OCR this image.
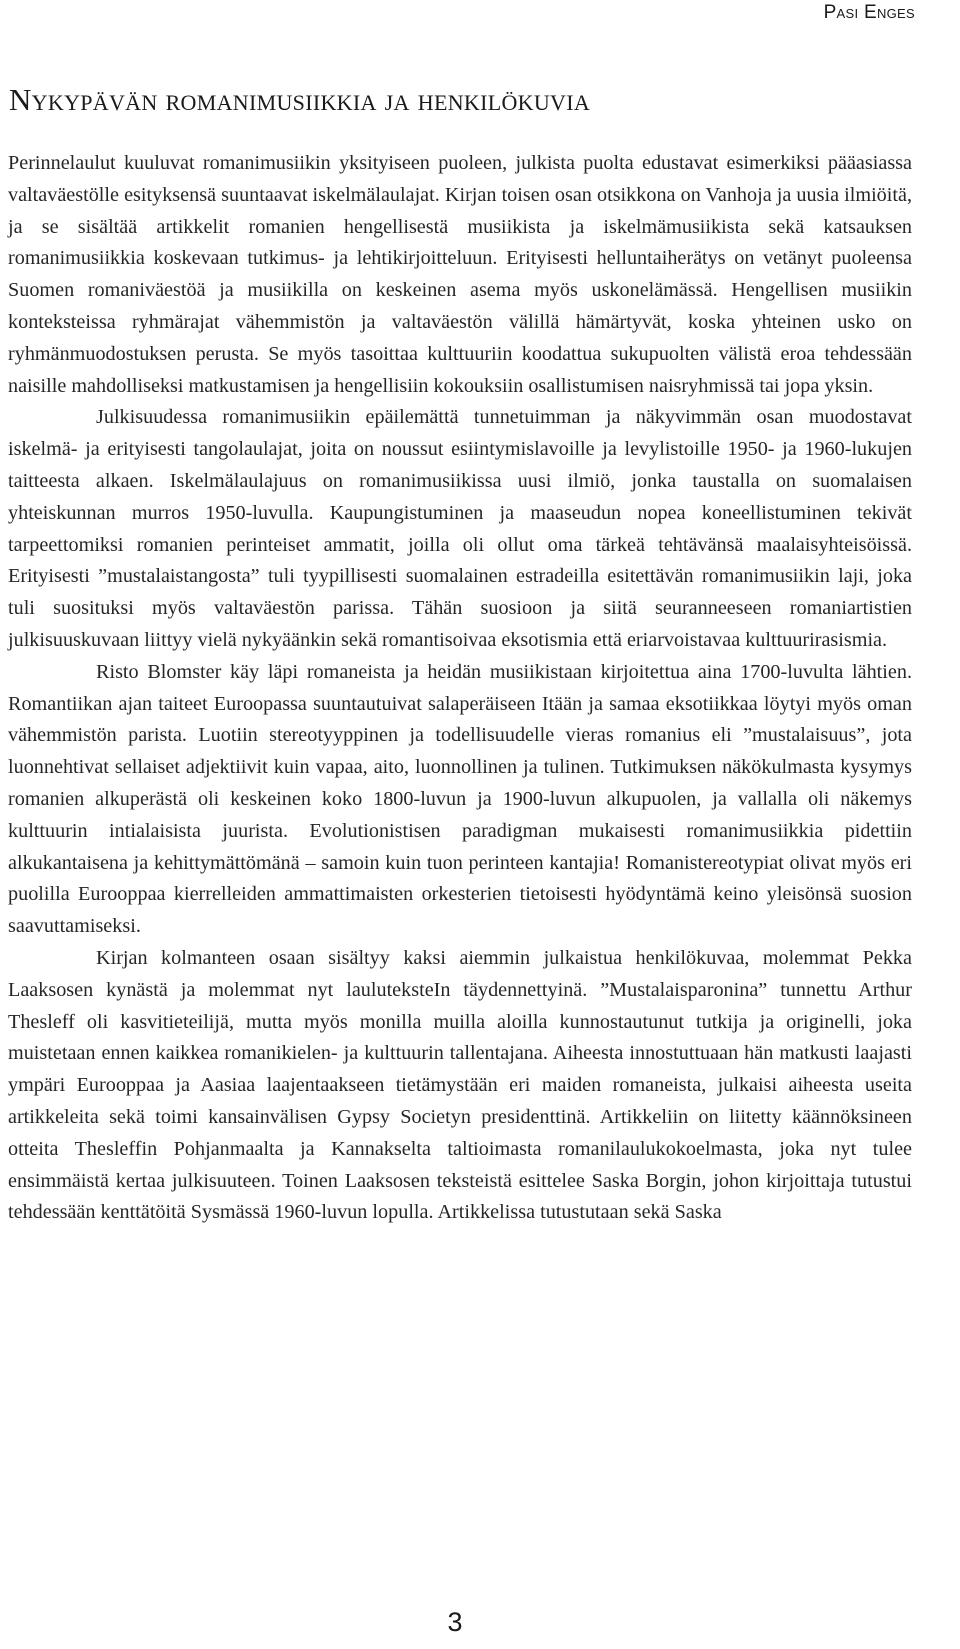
Pasi Enges
Nykypävän romanimusiikkia ja henkilökuvia

Perinnelaulut kuuluvat romanimusiikin yksityiseen puoleen, julkista puolta edustavat esimerkiksi pääasiassa valtaväestölle esityksensä suuntaavat iskelmälaulajat. Kirjan toisen osan otsikkona on Vanhoja ja uusia ilmiöitä, ja se sisältää artikkelit romanien hengellisestä musiikista ja iskelmämusiikista sekä katsauksen romanimusiikkia koskevaan tutkimus- ja lehtikirjoitteluun. Erityisesti helluntaiherätys on vetänyt puoleensa Suomen romaniväestöä ja musiikilla on keskeinen asema myös uskonelämässä. Hengellisen musiikin konteksteissa ryhmärajat vähemmistön ja valtaväestön välillä hämärtyvät, koska yhteinen usko on ryhmänmuodostuksen perusta. Se myös tasoittaa kulttuuriin koodattua sukupuolten välistä eroa tehdessään naisille mahdolliseksi matkustamisen ja hengellisiin kokouksiin osallistumisen naisryhmissä tai jopa yksin.

Julkisuudessa romanimusiikin epäilemättä tunnetuimman ja näkyvimmän osan muodostavat iskelmä- ja erityisesti tangolaulajat, joita on noussut esiintymislavoille ja levylistoille 1950- ja 1960-lukujen taitteesta alkaen. Iskelmälaulajuus on romanimusiikissa uusi ilmiö, jonka taustalla on suomalaisen yhteiskunnan murros 1950-luvulla. Kaupungistuminen ja maaseudun nopea koneellistuminen tekivät tarpeettomiksi romanien perinteiset ammatit, joilla oli ollut oma tärkeä tehtävänsä maalaisyhteisöissä. Erityisesti ”mustalaistangosta” tuli tyypillisesti suomalainen estradeilla esitettävän romanimusiikin laji, joka tuli suosituksi myös valtaväestön parissa. Tähän suosioon ja siitä seuranneeseen romaniartistien julkisuuskuvaan liittyy vielä nykyäänkin sekä romantisoivaa eksotismia että eriarvoistavaa kulttuurirasismia.

Risto Blomster käy läpi romaneista ja heidän musiikistaan kirjoitettua aina 1700-luvulta lähtien. Romantiikan ajan taiteet Euroopassa suuntautuivat salaperäiseen Itään ja samaa eksotiikkaa löytyi myös oman vähemmistön parista. Luotiin stereotyyppinen ja todellisuudelle vieras romanius eli ”mustalaisuus”, jota luonnehtivat sellaiset adjektiivit kuin vapaa, aito, luonnollinen ja tulinen. Tutkimuksen näkökulmasta kysymys romanien alkuperästä oli keskeinen koko 1800-luvun ja 1900-luvun alkupuolen, ja vallalla oli näkemys kulttuurin intialaisista juurista. Evolutionistisen paradigman mukaisesti romanimusiikkia pidettiin alkukantaisena ja kehittymättömänä – samoin kuin tuon perinteen kantajia! Romanistereotypiat olivat myös eri puolilla Eurooppaa kierrelleiden ammattimaisten orkesterien tietoisesti hyödyntämä keino yleisönsä suosion saavuttamiseksi.

Kirjan kolmanteen osaan sisältyy kaksi aiemmin julkaistua henkilökuvaa, molemmat Pekka Laaksosen kynästä ja molemmat nyt lauluteksteIn täydennettyinä. ”Mustalaisparonina” tunnettu Arthur Thesleff oli kasvitieteilijä, mutta myös monilla muilla aloilla kunnostautunut tutkija ja originelli, joka muistetaan ennen kaikkea romanikielen- ja kulttuurin tallentajana. Aiheesta innostuttuaan hän matkusti laajasti ympäri Eurooppaa ja Aasiaa laajentaakseen tietämystään eri maiden romaneista, julkaisi aiheesta useita artikkeleita sekä toimi kansainvälisen Gypsy Societyn presidenttinä. Artikkeliin on liitetty käännöksineen otteita Thesleffin Pohjanmaalta ja Kannakselta taltioimasta romanilaulukokoelmasta, joka nyt tulee ensimmäistä kertaa julkisuuteen. Toinen Laaksosen teksteistä esittelee Saska Borgin, johon kirjoittaja tutustui tehdessään kenttätöitä Sysmässä 1960-luvun lopulla. Artikkelissa tutustutaan sekä Saska

3
